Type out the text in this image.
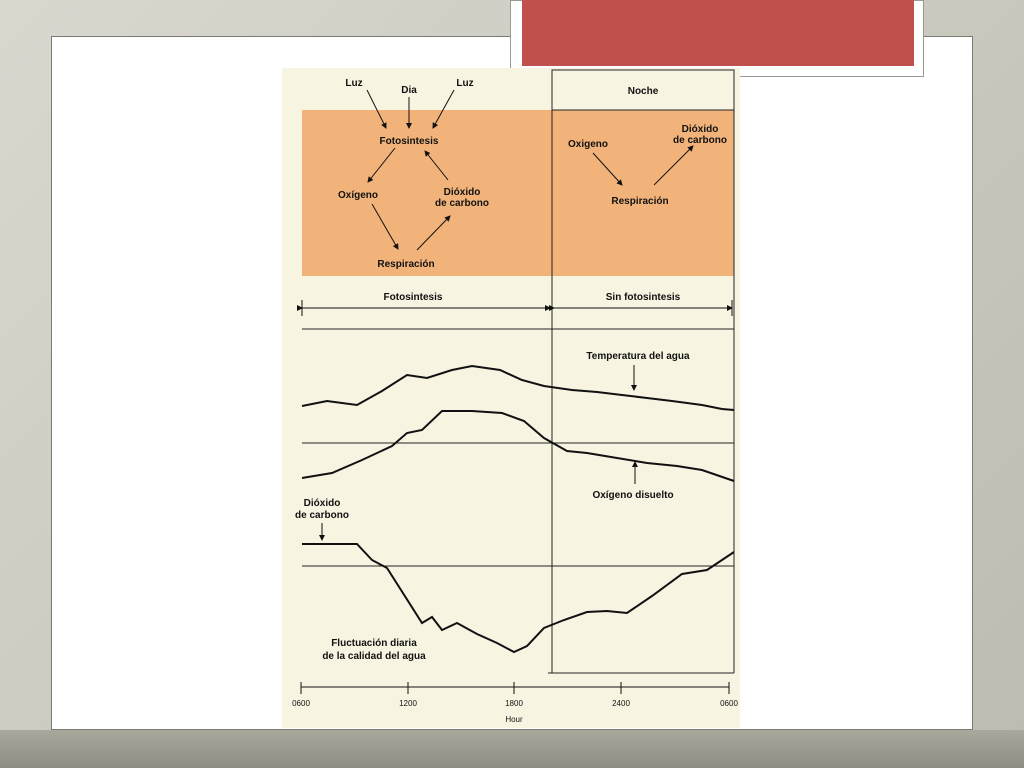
Luz
Dia
Luz
Fotosintesis
Oxígeno	Dióxido de carbono
Respiración
Noche
Oxigeno
Dióxido de carbono
Respiración
Fotosintesis	Sin fotosintesis
Temperatura del agua
Oxígeno disuelto
Dióxido de carbono
Fluctuación diaria de la calidad del agua
0600	1200	1800	2400	0600
Hour
